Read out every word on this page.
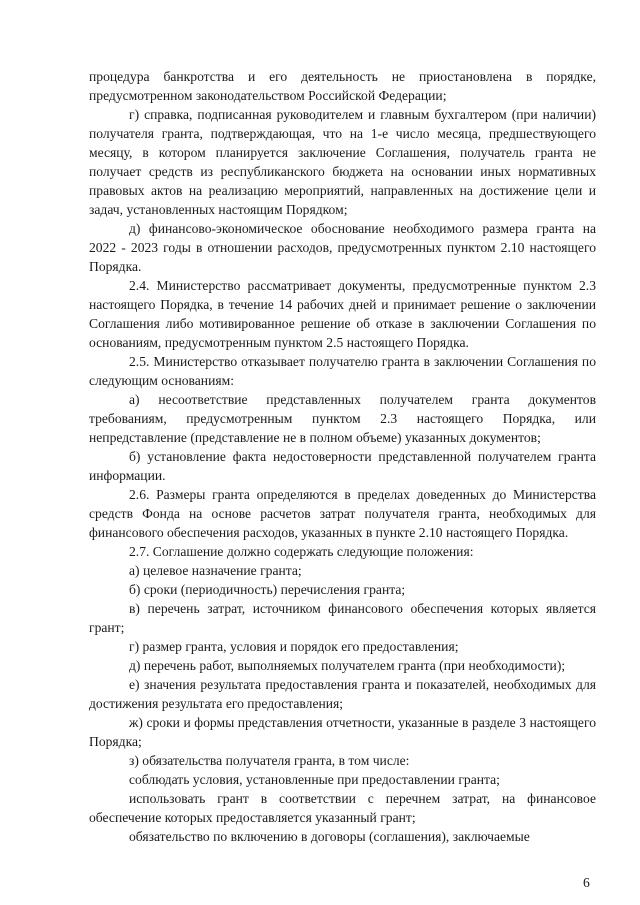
процедура банкротства и его деятельность не приостановлена в порядке, предусмотренном законодательством Российской Федерации;

г) справка, подписанная руководителем и главным бухгалтером (при наличии) получателя гранта, подтверждающая, что на 1-е число месяца, предшествующего месяцу, в котором планируется заключение Соглашения, получатель гранта не получает средств из республиканского бюджета на основании иных нормативных правовых актов на реализацию мероприятий, направленных на достижение цели и задач, установленных настоящим Порядком;

д) финансово-экономическое обоснование необходимого размера гранта на 2022 - 2023 годы в отношении расходов, предусмотренных пунктом 2.10 настоящего Порядка.

2.4. Министерство рассматривает документы, предусмотренные пунктом 2.3 настоящего Порядка, в течение 14 рабочих дней и принимает решение о заключении Соглашения либо мотивированное решение об отказе в заключении Соглашения по основаниям, предусмотренным пунктом 2.5 настоящего Порядка.

2.5. Министерство отказывает получателю гранта в заключении Соглашения по следующим основаниям:

а) несоответствие представленных получателем гранта документов требованиям, предусмотренным пунктом 2.3 настоящего Порядка, или непредставление (представление не в полном объеме) указанных документов;

б) установление факта недостоверности представленной получателем гранта информации.

2.6. Размеры гранта определяются в пределах доведенных до Министерства средств Фонда на основе расчетов затрат получателя гранта, необходимых для финансового обеспечения расходов, указанных в пункте 2.10 настоящего Порядка.

2.7. Соглашение должно содержать следующие положения:

а) целевое назначение гранта;

б) сроки (периодичность) перечисления гранта;

в) перечень затрат, источником финансового обеспечения которых является грант;

г) размер гранта, условия и порядок его предоставления;

д) перечень работ, выполняемых получателем гранта (при необходимости);

е) значения результата предоставления гранта и показателей, необходимых для достижения результата его предоставления;

ж) сроки и формы представления отчетности, указанные в разделе 3 настоящего Порядка;

з) обязательства получателя гранта, в том числе:

соблюдать условия, установленные при предоставлении гранта;

использовать грант в соответствии с перечнем затрат, на финансовое обеспечение которых предоставляется указанный грант;

обязательство по включению в договоры (соглашения), заключаемые

6
